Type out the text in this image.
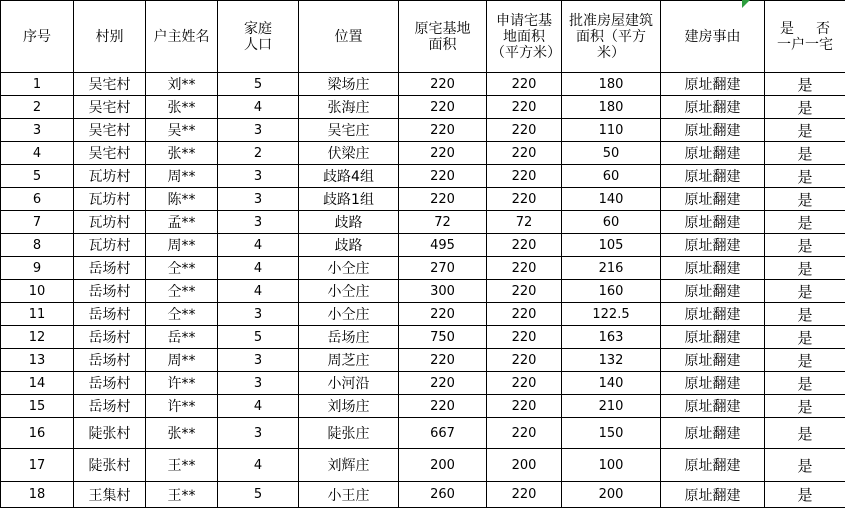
序号	村别	户主姓名	家庭人口	位置	原宅基地面积	申请宅基地面积（平方米）	批准房屋建筑面积（平方米）	建房事由	是 否
一户一宅

1	吴宅村	刘**	5	梁场庄	220	220	180	原址翻建	是
2	吴宅村	张**	4	张海庄	220	220	180	原址翻建	是
3	吴宅村	吴**	3	吴宅庄	220	220	110	原址翻建	是
4	吴宅村	张**	2	伏梁庄	220	220	50	原址翻建	是
5	瓦坊村	周**	3	歧路4组	220	220	60	原址翻建	是
6	瓦坊村	陈**	3	歧路1组	220	220	140	原址翻建	是
7	瓦坊村	孟**	3	歧路	72	72	60	原址翻建	是
8	瓦坊村	周**	4	歧路	495	220	105	原址翻建	是
9	岳场村	仝**	4	小仝庄	270	220	216	原址翻建	是
10	岳场村	仝**	4	小仝庄	300	220	160	原址翻建	是
11	岳场村	仝**	3	小仝庄	220	220	122.5	原址翻建	是
12	岳场村	岳**	5	岳场庄	750	220	163	原址翻建	是
13	岳场村	周**	3	周芝庄	220	220	132	原址翻建	是
14	岳场村	许**	3	小河沿	220	220	140	原址翻建	是
15	岳场村	许**	4	刘场庄	220	220	210	原址翻建	是
16	陡张村	张**	3	陡张庄	667	220	150	原址翻建	是
17	陡张村	王**	4	刘辉庄	200	200	100	原址翻建	是
18	王集村	王**	5	小王庄	260	220	200	原址翻建	是
